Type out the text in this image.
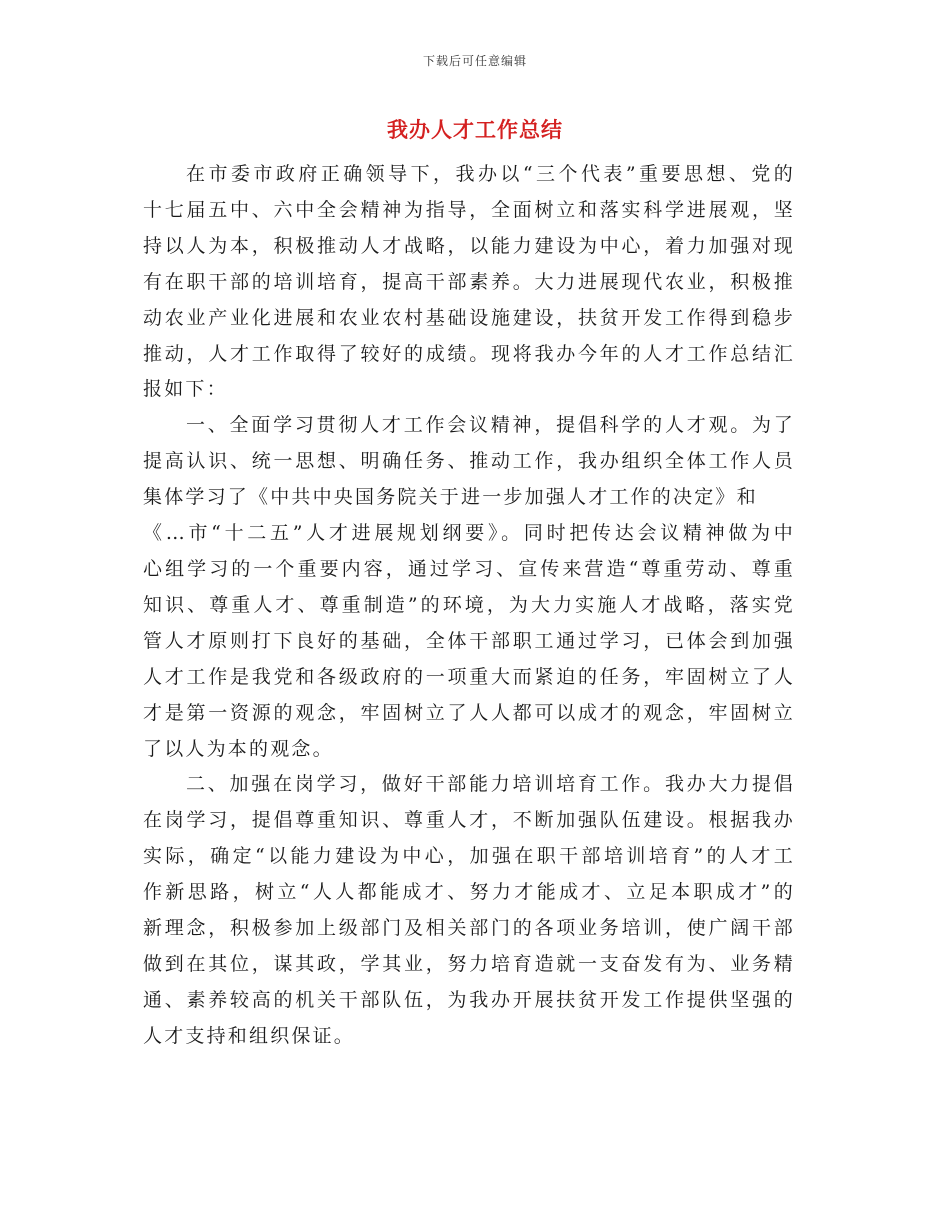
下载后可任意编辑
我办人才工作总结
在市委市政府正确领导下，我办以“三个代表”重要思想、党的
十七届五中、六中全会精神为指导，全面树立和落实科学进展观，坚
持以人为本，积极推动人才战略，以能力建设为中心，着力加强对现
有在职干部的培训培育，提高干部素养。大力进展现代农业，积极推
动农业产业化进展和农业农村基础设施建设，扶贫开发工作得到稳步
推动，人才工作取得了较好的成绩。现将我办今年的人才工作总结汇
报如下：
一、全面学习贯彻人才工作会议精神，提倡科学的人才观。为了
提高认识、统一思想、明确任务、推动工作，我办组织全体工作人员
集体学习了《中共中央国务院关于进一步加强人才工作的决定》和
《…市“十二五”人才进展规划纲要》。同时把传达会议精神做为中
心组学习的一个重要内容，通过学习、宣传来营造“尊重劳动、尊重
知识、尊重人才、尊重制造”的环境，为大力实施人才战略，落实党
管人才原则打下良好的基础，全体干部职工通过学习，已体会到加强
人才工作是我党和各级政府的一项重大而紧迫的任务，牢固树立了人
才是第一资源的观念，牢固树立了人人都可以成才的观念，牢固树立
了以人为本的观念。
二、加强在岗学习，做好干部能力培训培育工作。我办大力提倡
在岗学习，提倡尊重知识、尊重人才，不断加强队伍建设。根据我办
实际，确定“以能力建设为中心，加强在职干部培训培育”的人才工
作新思路，树立“人人都能成才、努力才能成才、立足本职成才”的
新理念，积极参加上级部门及相关部门的各项业务培训，使广阔干部
做到在其位，谋其政，学其业，努力培育造就一支奋发有为、业务精
通、素养较高的机关干部队伍，为我办开展扶贫开发工作提供坚强的
人才支持和组织保证。
